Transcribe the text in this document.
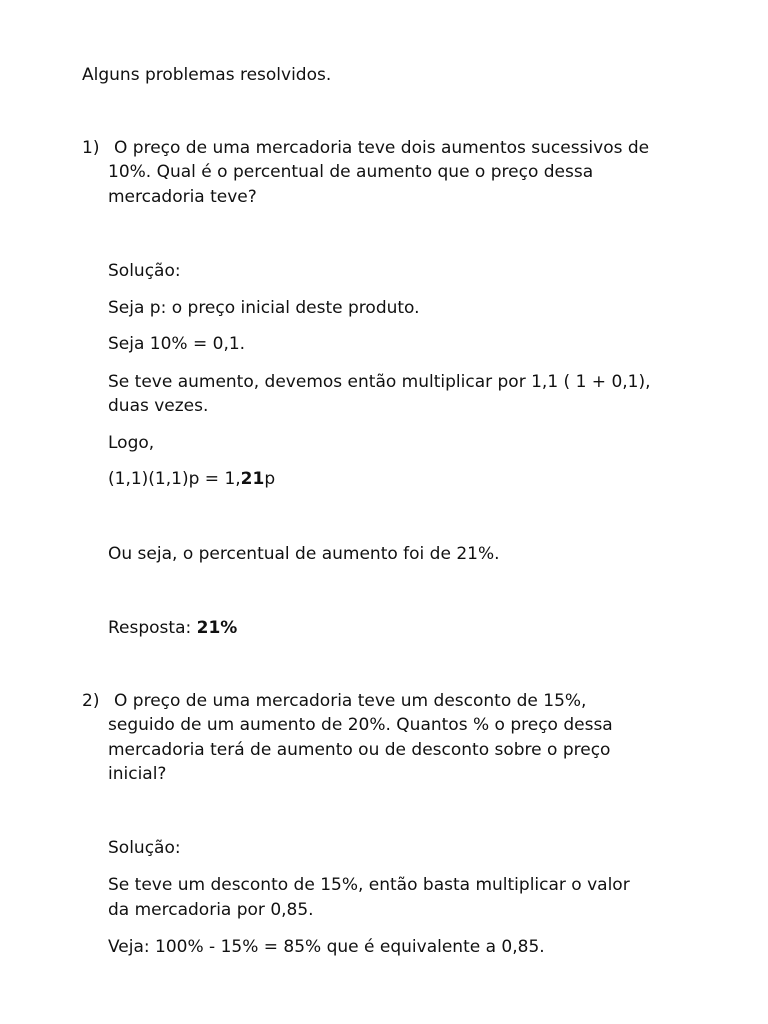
Alguns problemas resolvidos.

1) O preço de uma mercadoria teve dois aumentos sucessivos de

10%. Qual é o percentual de aumento que o preço dessa

mercadoria teve?

Solução:

Seja p: o preço inicial deste produto.

Seja 10% = 0,1.

Se teve aumento, devemos então multiplicar por 1,1 ( 1 + 0,1),

duas vezes.

Logo,

(1,1)(1,1)p = 1,21p

Ou seja, o percentual de aumento foi de 21%.

Resposta: 21%

2) O preço de uma mercadoria teve um desconto de 15%,

seguido de um aumento de 20%. Quantos % o preço dessa

mercadoria terá de aumento ou de desconto sobre o preço

inicial?

Solução:

Se teve um desconto de 15%, então basta multiplicar o valor

da mercadoria por 0,85.

Veja: 100% - 15% = 85% que é equivalente a 0,85.
